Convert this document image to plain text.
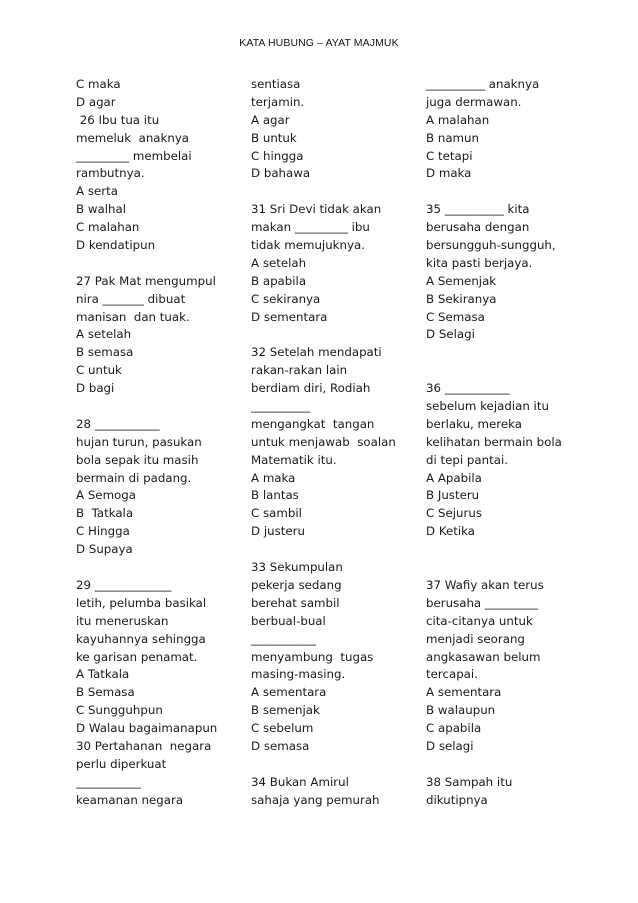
KATA HUBUNG – AYAT MAJMUK
C maka
D agar
26 Ibu tua itu
memeluk  anaknya
_________ membelai
rambutnya.
A serta
B walhal
C malahan
D kendatipun
27 Pak Mat mengumpul
nira _______ dibuat
manisan  dan tuak.
A setelah
B semasa
C untuk
D bagi
28 ___________
hujan turun, pasukan
bola sepak itu masih
bermain di padang.
A Semoga
B  Tatkala
C Hingga
D Supaya
29 _____________
letih, pelumba basikal
itu meneruskan
kayuhannya sehingga
ke garisan penamat.
A Tatkala
B Semasa
C Sungguhpun
D Walau bagaimanapun
30 Pertahanan  negara
perlu diperkuat
___________
keamanan negara
sentiasa
terjamin.
A agar
B untuk
C hingga
D bahawa
31 Sri Devi tidak akan
makan _________ ibu
tidak memujuknya.
A setelah
B apabila
C sekiranya
D sementara
32 Setelah mendapati
rakan-rakan lain
berdiam diri, Rodiah
__________
mengangkat  tangan
untuk menjawab  soalan
Matematik itu.
A maka
B lantas
C sambil
D justeru
33 Sekumpulan
pekerja sedang
berehat sambil
berbual-bual
___________
menyambung  tugas
masing-masing.
A sementara
B semenjak
C sebelum
D semasa
34 Bukan Amirul
sahaja yang pemurah
__________ anaknya
juga dermawan.
A malahan
B namun
C tetapi
D maka
35 __________ kita
berusaha dengan
bersungguh-sungguh,
kita pasti berjaya.
A Semenjak
B Sekiranya
C Semasa
D Selagi
36 ___________
sebelum kejadian itu
berlaku, mereka
kelihatan bermain bola
di tepi pantai.
A Apabila
B Justeru
C Sejurus
D Ketika
37 Wafiy akan terus
berusaha _________
cita-citanya untuk
menjadi seorang
angkasawan belum
tercapai.
A sementara
B walaupun
C apabila
D selagi
38 Sampah itu
dikutipnya
